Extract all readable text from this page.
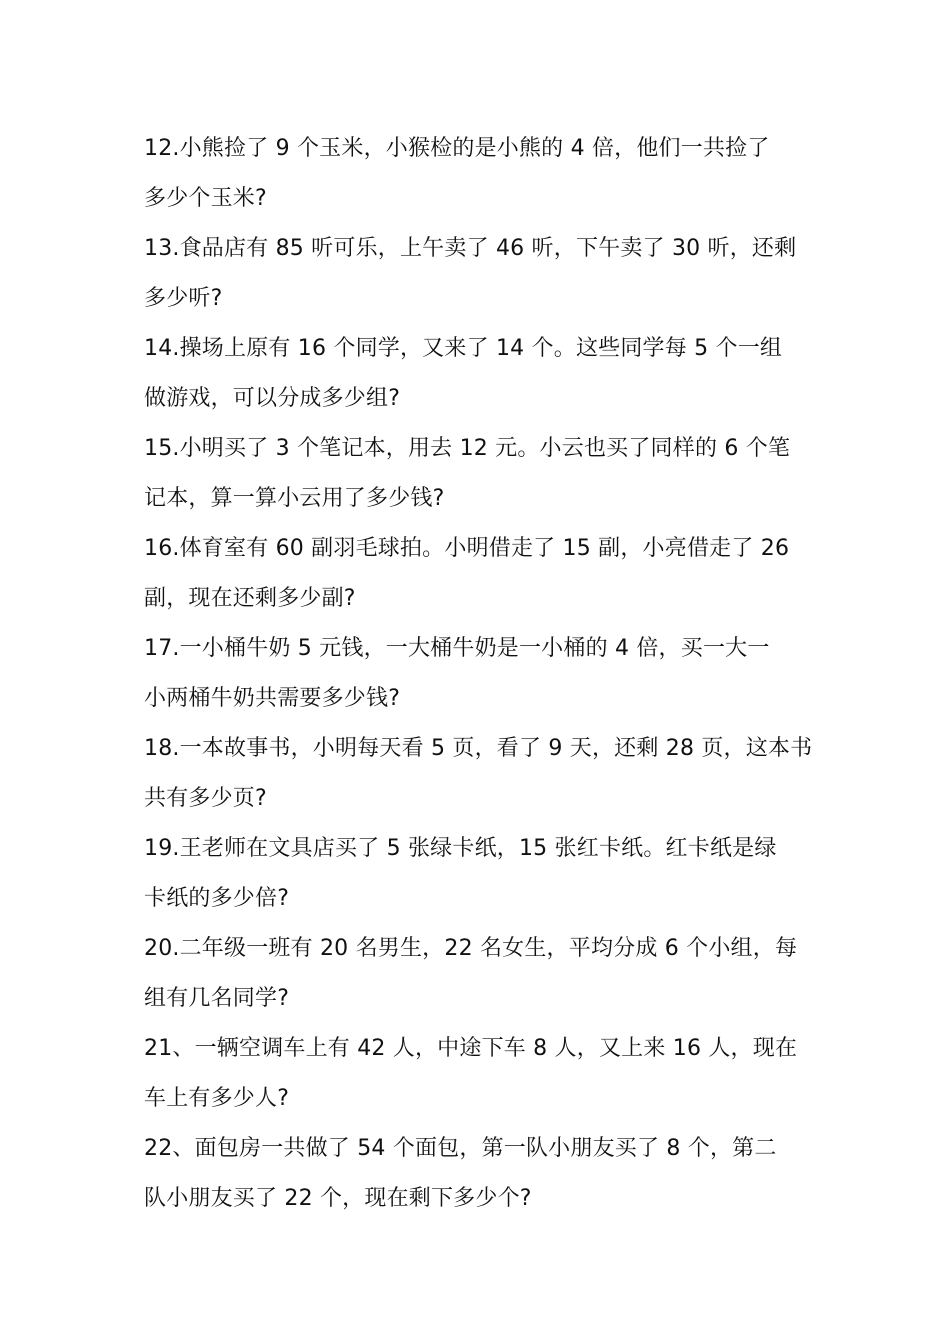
12.小熊捡了 9 个玉米，小猴检的是小熊的 4 倍，他们一共捡了
多少个玉米?
13.食品店有 85 听可乐，上午卖了 46 听，下午卖了 30 听，还剩
多少听?
14.操场上原有 16 个同学，又来了 14 个。这些同学每 5 个一组
做游戏，可以分成多少组?
15.小明买了 3 个笔记本，用去 12 元。小云也买了同样的 6 个笔
记本，算一算小云用了多少钱?
16.体育室有 60 副羽毛球拍。小明借走了 15 副，小亮借走了 26
副，现在还剩多少副?
17.一小桶牛奶 5 元钱，一大桶牛奶是一小桶的 4 倍，买一大一
小两桶牛奶共需要多少钱?
18.一本故事书，小明每天看 5 页，看了 9 天，还剩 28 页，这本书
共有多少页?
19.王老师在文具店买了 5 张绿卡纸，15 张红卡纸。红卡纸是绿
卡纸的多少倍?
20.二年级一班有 20 名男生，22 名女生，平均分成 6 个小组，每
组有几名同学?
21、一辆空调车上有 42 人，中途下车 8 人，又上来 16 人，现在
车上有多少人?
22、面包房一共做了 54 个面包，第一队小朋友买了 8 个，第二
队小朋友买了 22 个，现在剩下多少个?
